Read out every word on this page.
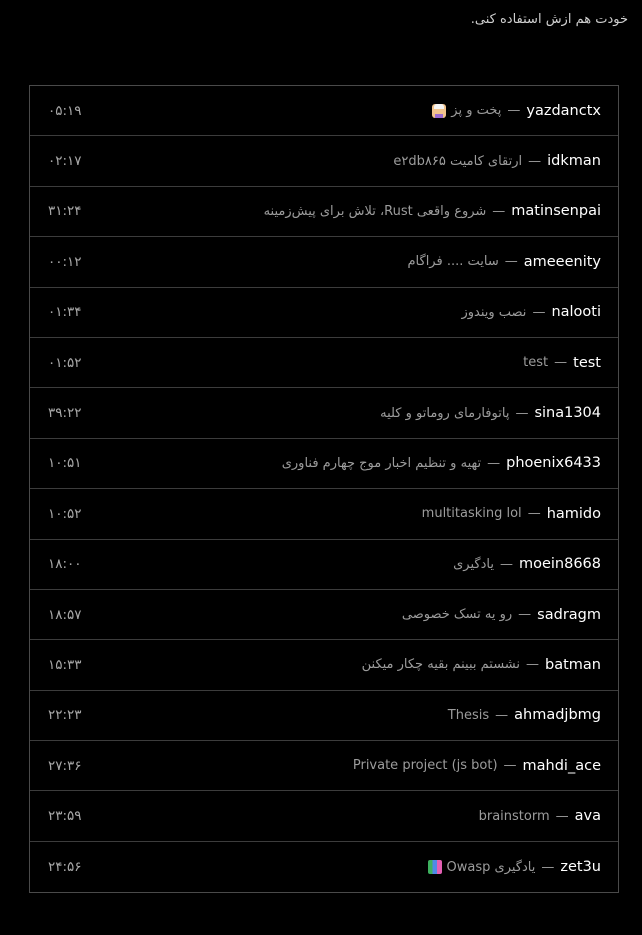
خودت هم ازش استفاده کنی.
yazdanctx
—
پخت و پز
۰۵:۱۹
idkman
—
ارتقای کامیت e۲db۸۶۵
۰۲:۱۷
matinsenpai
—
شروع واقعی Rust، تلاش برای پیش‌زمینه
۳۱:۲۴
ameeenity
—
سایت .... فراگام
۰۰:۱۲
nalooti
—
نصب ویندوز
۰۱:۳۴
test
—
test
۰۱:۵۲
sina1304
—
پاتوفارمای روماتو و کلیه
۳۹:۲۲
phoenix6433
—
تهیه و تنظیم اخبار موج چهارم فناوری
۱۰:۵۱
hamido
—
multitasking lol
۱۰:۵۲
moein8668
—
یادگیری
۱۸:۰۰
sadragm
—
رو یه تسک خصوصی
۱۸:۵۷
batman
—
نشستم ببینم بقیه چکار میکنن
۱۵:۳۳
ahmadjbmg
—
Thesis
۲۲:۲۳
mahdi_ace
—
Private project (js bot)
۲۷:۳۶
ava
—
brainstorm
۲۳:۵۹
zet3u
—
یادگیری Owasp
۲۴:۵۶
